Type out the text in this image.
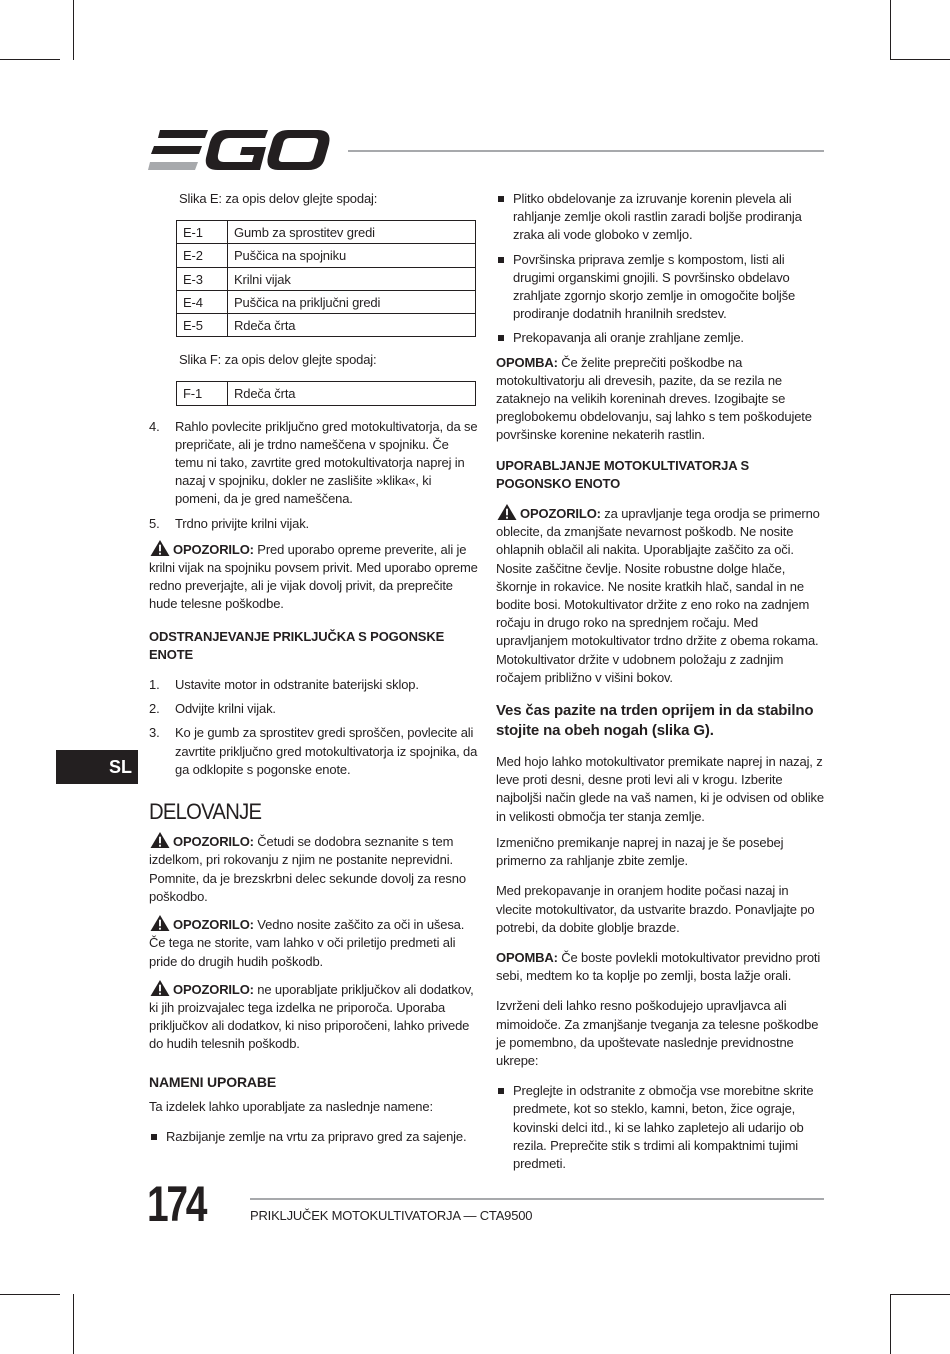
Slika E: za opis delov glejte spodaj:

E-1	Gumb za sprostitev gredi
E-2	Puščica na spojniku
E-3	Krilni vijak
E-4	Puščica na priključni gredi
E-5	Rdeča črta

Slika F: za opis delov glejte spodaj:

F-1	Rdeča črta
4. Rahlo povlecite priključno gred motokultivatorja, da se prepričate, ali je trdno nameščena v spojniku. Če temu ni tako, zavrtite gred motokultivatorja naprej in nazaj v spojniku, dokler ne zaslišite »klika«, ki pomeni, da je gred nameščena.
5. Trdno privijte krilni vijak.

OPOZORILO: Pred uporabo opreme preverite, ali je krilni vijak na spojniku povsem privit. Med uporabo opreme redno preverjajte, ali je vijak dovolj privit, da preprečite hude telesne poškodbe.

ODSTRANJEVANJE PRIKLJUČKA S POGONSKE ENOTE
1. Ustavite motor in odstranite baterijski sklop.
2. Odvijte krilni vijak.
3. Ko je gumb za sprostitev gredi sproščen, povlecite ali zavrtite priključno gred motokultivatorja iz spojnika, da ga odklopite s pogonske enote.
DELOVANJE

OPOZORILO: Četudi se dodobra seznanite s tem izdelkom, pri rokovanju z njim ne postanite neprevidni. Pomnite, da je brezskrbni delec sekunde dovolj za resno poškodbo.

OPOZORILO: Vedno nosite zaščito za oči in ušesa. Če tega ne storite, vam lahko v oči priletijo predmeti ali pride do drugih hudih poškodb.

OPOZORILO: ne uporabljate priključkov ali dodatkov, ki jih proizvajalec tega izdelka ne priporoča. Uporaba priključkov ali dodatkov, ki niso priporočeni, lahko privede do hudih telesnih poškodb.

NAMENI UPORABE

Ta izdelek lahko uporabljate za naslednje namene:

Razbijanje zemlje na vrtu za pripravo gred za sajenje.
Plitko obdelovanje za izruvanje korenin plevela ali rahljanje zemlje okoli rastlin zaradi boljše prodiranja zraka ali vode globoko v zemljo.
Površinska priprava zemlje s kompostom, listi ali drugimi organskimi gnojili. S površinsko obdelavo zrahljate zgornjo skorjo zemlje in omogočite boljše prodiranje dodatnih hranilnih sredstev.
Prekopavanja ali oranje zrahljane zemlje.

OPOMBA: Če želite preprečiti poškodbe na motokultivatorju ali drevesih, pazite, da se rezila ne zataknejo na velikih koreninah dreves. Izogibajte se preglobokemu obdelovanju, saj lahko s tem poškodujete površinske korenine nekaterih rastlin.

UPORABLJANJE MOTOKULTIVATORJA S POGONSKO ENOTO

OPOZORILO: za upravljanje tega orodja se primerno oblecite, da zmanjšate nevarnost poškodb. Ne nosite ohlapnih oblačil ali nakita. Uporabljajte zaščito za oči. Nosite zaščitne čevlje. Nosite robustne dolge hlače, škornje in rokavice. Ne nosite kratkih hlač, sandal in ne bodite bosi. Motokultivator držite z eno roko na zadnjem ročaju in drugo roko na sprednjem ročaju. Med upravljanjem motokultivator trdno držite z obema rokama. Motokultivator držite v udobnem položaju z zadnjim ročajem približno v višini bokov.

Ves čas pazite na trden oprijem in da stabilno stojite na obeh nogah (slika G).

Med hojo lahko motokultivator premikate naprej in nazaj, z leve proti desni, desne proti levi ali v krogu. Izberite najboljši način glede na vaš namen, ki je odvisen od oblike in velikosti območja ter stanja zemlje.

Izmenično premikanje naprej in nazaj je še posebej primerno za rahljanje zbite zemlje.

Med prekopavanje in oranjem hodite počasi nazaj in vlecite motokultivator, da ustvarite brazdo. Ponavljajte po potrebi, da dobite globlje brazde.

OPOMBA: Če boste povlekli motokultivator previdno proti sebi, medtem ko ta koplje po zemlji, bosta lažje orali.

Izvrženi deli lahko resno poškodujejo upravljavca ali mimoidoče. Za zmanjšanje tveganja za telesne poškodbe je pomembno, da upoštevate naslednje previdnostne ukrepe:

Preglejte in odstranite z območja vse morebitne skrite predmete, kot so steklo, kamni, beton, žice ograje, kovinski delci itd., ki se lahko zapletejo ali udarijo ob rezila. Preprečite stik s trdimi ali kompaktnimi tujimi predmeti.
SL
174	PRIKLJUČEK MOTOKULTIVATORJA — CTA9500
